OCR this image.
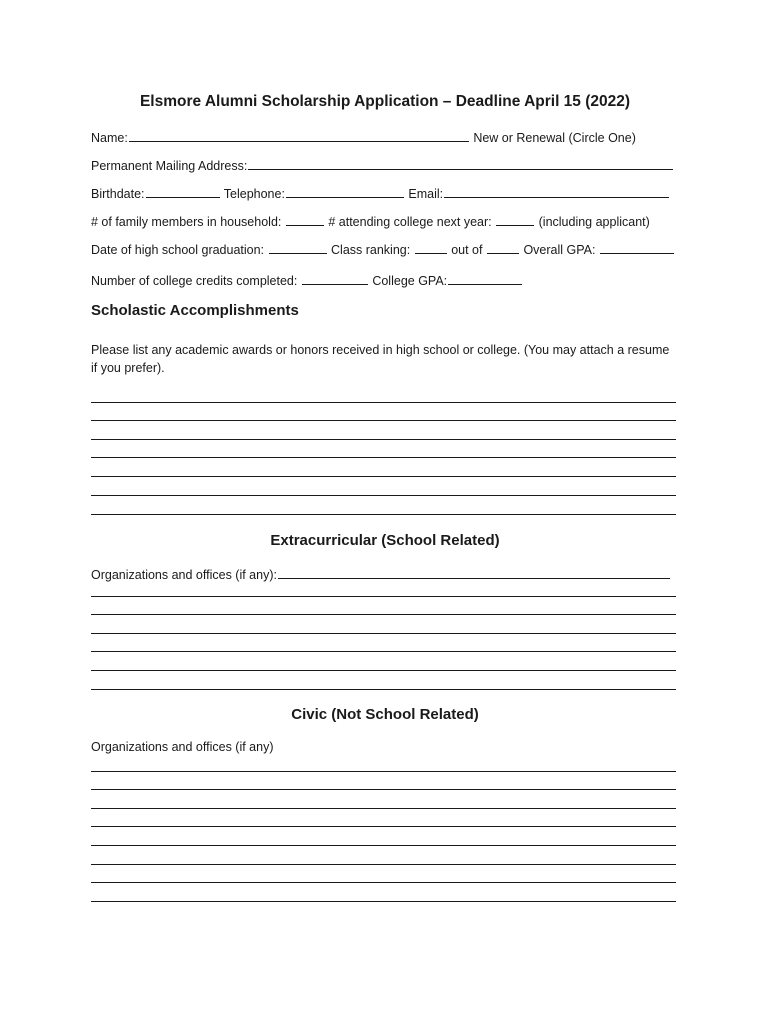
Elsmore Alumni Scholarship Application – Deadline April 15 (2022)
Name:	New or Renewal (Circle One)
Permanent Mailing Address:
Birthdate:	Telephone:	Email:
# of family members in household:	# attending college next year:	(including applicant)
Date of high school graduation:	Class ranking:	out of	Overall GPA:
Number of college credits completed:	College GPA:
Scholastic Accomplishments
Please list any academic awards or honors received in high school or college. (You may attach a resume if you prefer).
Extracurricular (School Related)
Organizations and offices (if any):
Civic (Not School Related)
Organizations and offices (if any)
